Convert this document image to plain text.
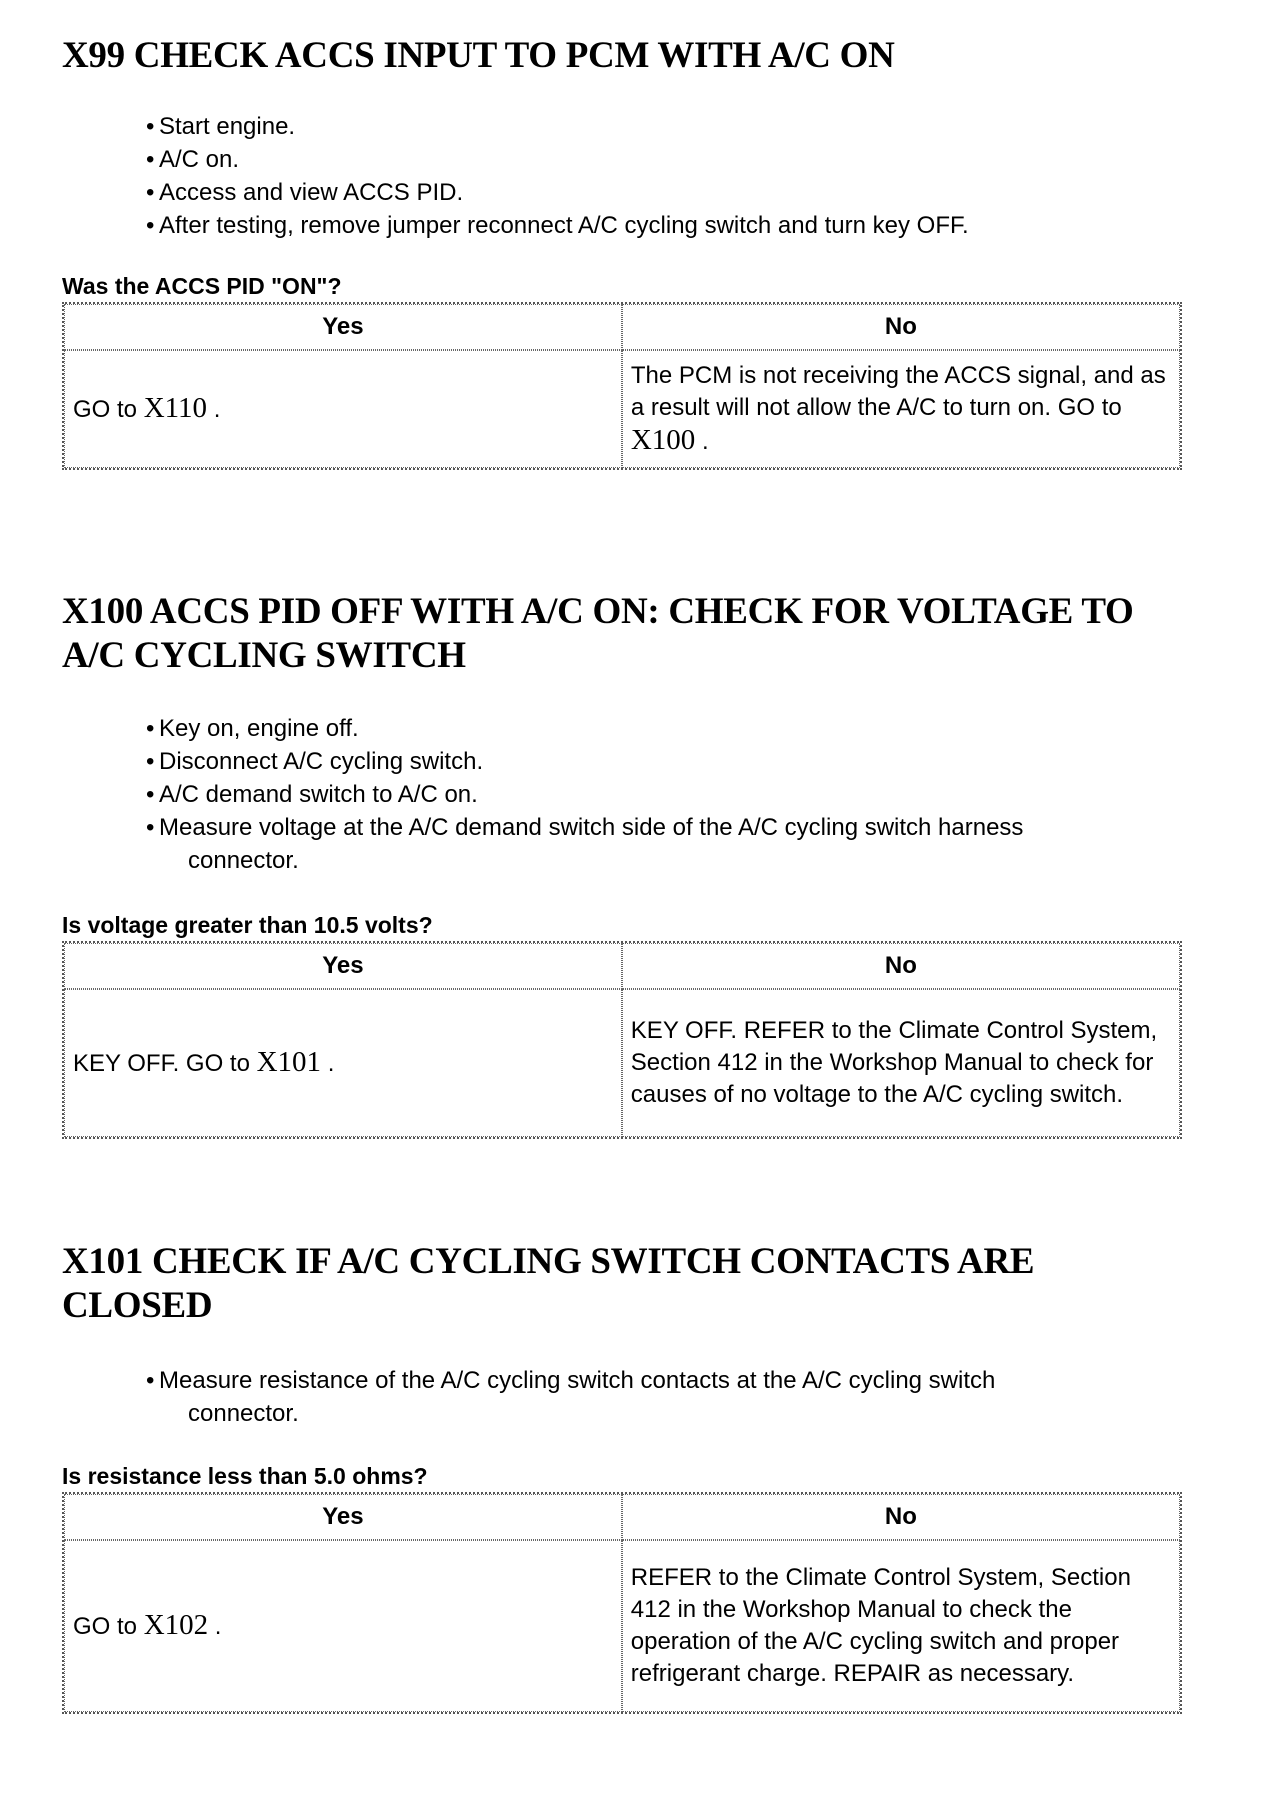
X99 CHECK ACCS INPUT TO PCM WITH A/C ON
• Start engine.
• A/C on.
• Access and view ACCS PID.
• After testing, remove jumper reconnect A/C cycling switch and turn key OFF.

Was the ACCS PID "ON"?

Yes	No
GO to X110 .	The PCM is not receiving the ACCS signal, and as a result will not allow the A/C to turn on. GO to X100 .
X100 ACCS PID OFF WITH A/C ON: CHECK FOR VOLTAGE TO A/C CYCLING SWITCH
• Key on, engine off.
• Disconnect A/C cycling switch.
• A/C demand switch to A/C on.
• Measure voltage at the A/C demand switch side of the A/C cycling switch harness
connector.

Is voltage greater than 10.5 volts?

Yes	No
KEY OFF. GO to X101 .	KEY OFF. REFER to the Climate Control System, Section 412 in the Workshop Manual to check for causes of no voltage to the A/C cycling switch.
X101 CHECK IF A/C CYCLING SWITCH CONTACTS ARE CLOSED
• Measure resistance of the A/C cycling switch contacts at the A/C cycling switch
connector.

Is resistance less than 5.0 ohms?

Yes	No
GO to X102 .	REFER to the Climate Control System, Section 412 in the Workshop Manual to check the operation of the A/C cycling switch and proper refrigerant charge. REPAIR as necessary.
